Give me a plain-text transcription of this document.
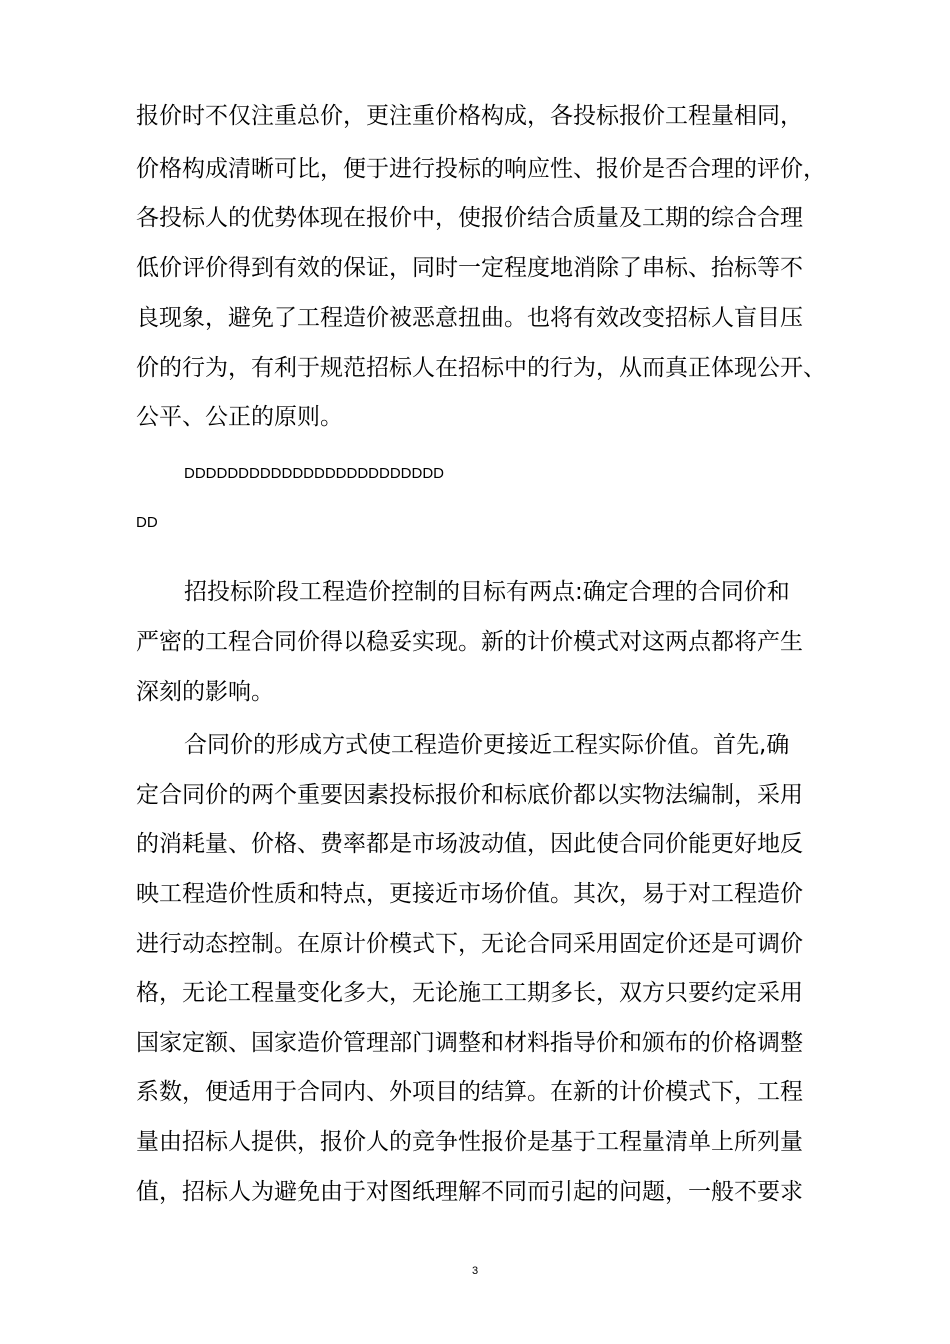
报价时不仅注重总价，更注重价格构成，各投标报价工程量相同，
价格构成清晰可比，便于进行投标的响应性、报价是否合理的评价，
各投标人的优势体现在报价中，使报价结合质量及工期的综合合理
低价评价得到有效的保证，同时一定程度地消除了串标、抬标等不
良现象，避免了工程造价被恶意扭曲。也将有效改变招标人盲目压
价的行为，有利于规范招标人在招标中的行为，从而真正体现公开、
公平、公正的原则。
DDDDDDDDDDDDDDDDDDDDDDDD
DD
招投标阶段工程造价控制的目标有两点:确定合理的合同价和
严密的工程合同价得以稳妥实现。新的计价模式对这两点都将产生
深刻的影响。
合同价的形成方式使工程造价更接近工程实际价值。首先,确
定合同价的两个重要因素投标报价和标底价都以实物法编制，采用
的消耗量、价格、费率都是市场波动值，因此使合同价能更好地反
映工程造价性质和特点，更接近市场价值。其次，易于对工程造价
进行动态控制。在原计价模式下，无论合同采用固定价还是可调价
格，无论工程量变化多大，无论施工工期多长，双方只要约定采用
国家定额、国家造价管理部门调整和材料指导价和颁布的价格调整
系数，便适用于合同内、外项目的结算。在新的计价模式下，工程
量由招标人提供，报价人的竞争性报价是基于工程量清单上所列量
值，招标人为避免由于对图纸理解不同而引起的问题，一般不要求
3
